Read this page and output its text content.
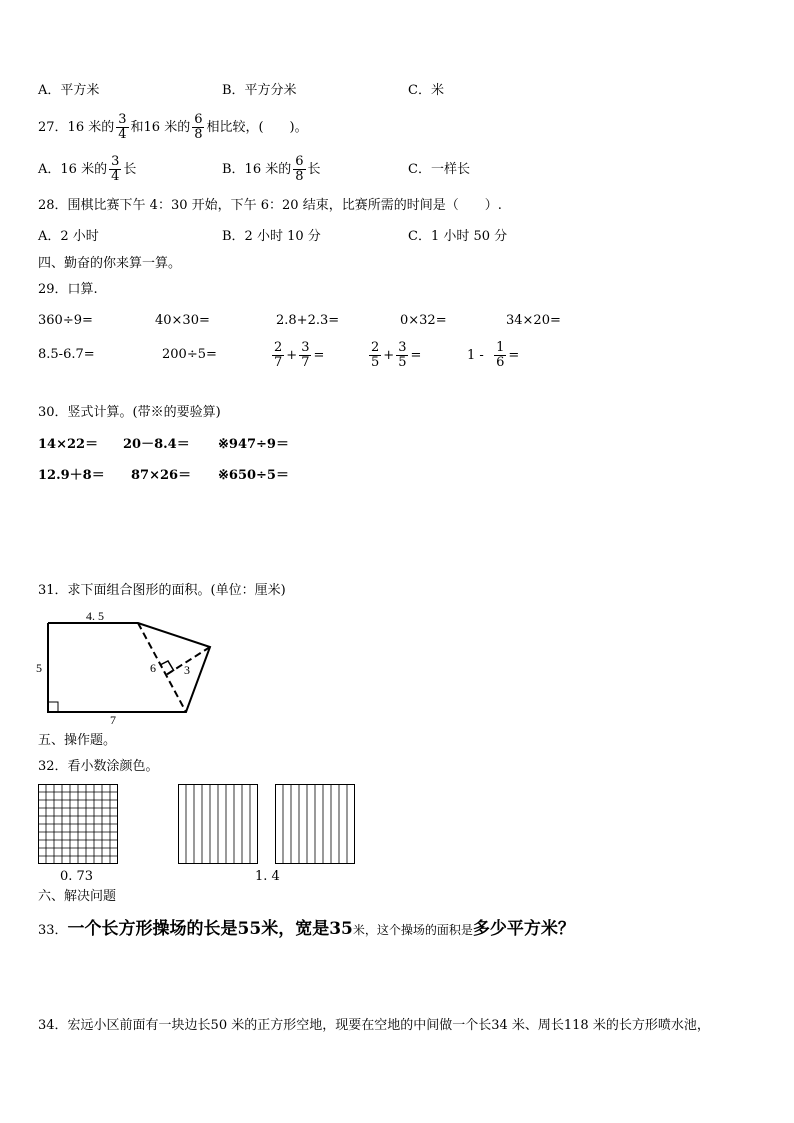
A．平方米	B．平方分米	C．米
27．16 米的 $\frac{3}{4}$ 和16 米的 $\frac{6}{8}$ 相比较，(　　)。
A．16 米的 $\frac{3}{4}$ 长	B．16 米的 $\frac{6}{8}$ 长	C．一样长
28．围棋比赛下午 4：30 开始，下午 6：20 结束，比赛所需的时间是（　　）.
A．2 小时	B．2 小时 10 分	C．1 小时 50 分
四、勤奋的你来算一算。
29．口算.
360÷9=	40×30=	2.8+2.3=	0×32=	34×20=
8.5-6.7=	200÷5=	$\frac{2}{7} + \frac{3}{7}$ =	$\frac{2}{5} + \frac{3}{5}$ =	$1 - \frac{1}{6}$ =
30．竖式计算。(带※的要验算)
14×22＝ 20－8.4＝ ※947÷9＝
12.9＋8＝ 87×26＝ ※650÷5＝
31．求下面组合图形的面积。(单位：厘米)
4. 5
5
7
6 3
五、操作题。
32．看小数涂颜色。
0. 73	1. 4
六、解决问题
33．一个长方形操场的长是55米，宽是35米，这个操场的面积是多少平方米？
34．宏远小区前面有一块边长50 米的正方形空地，现要在空地的中间做一个长34 米、周长118 米的长方形喷水池，
